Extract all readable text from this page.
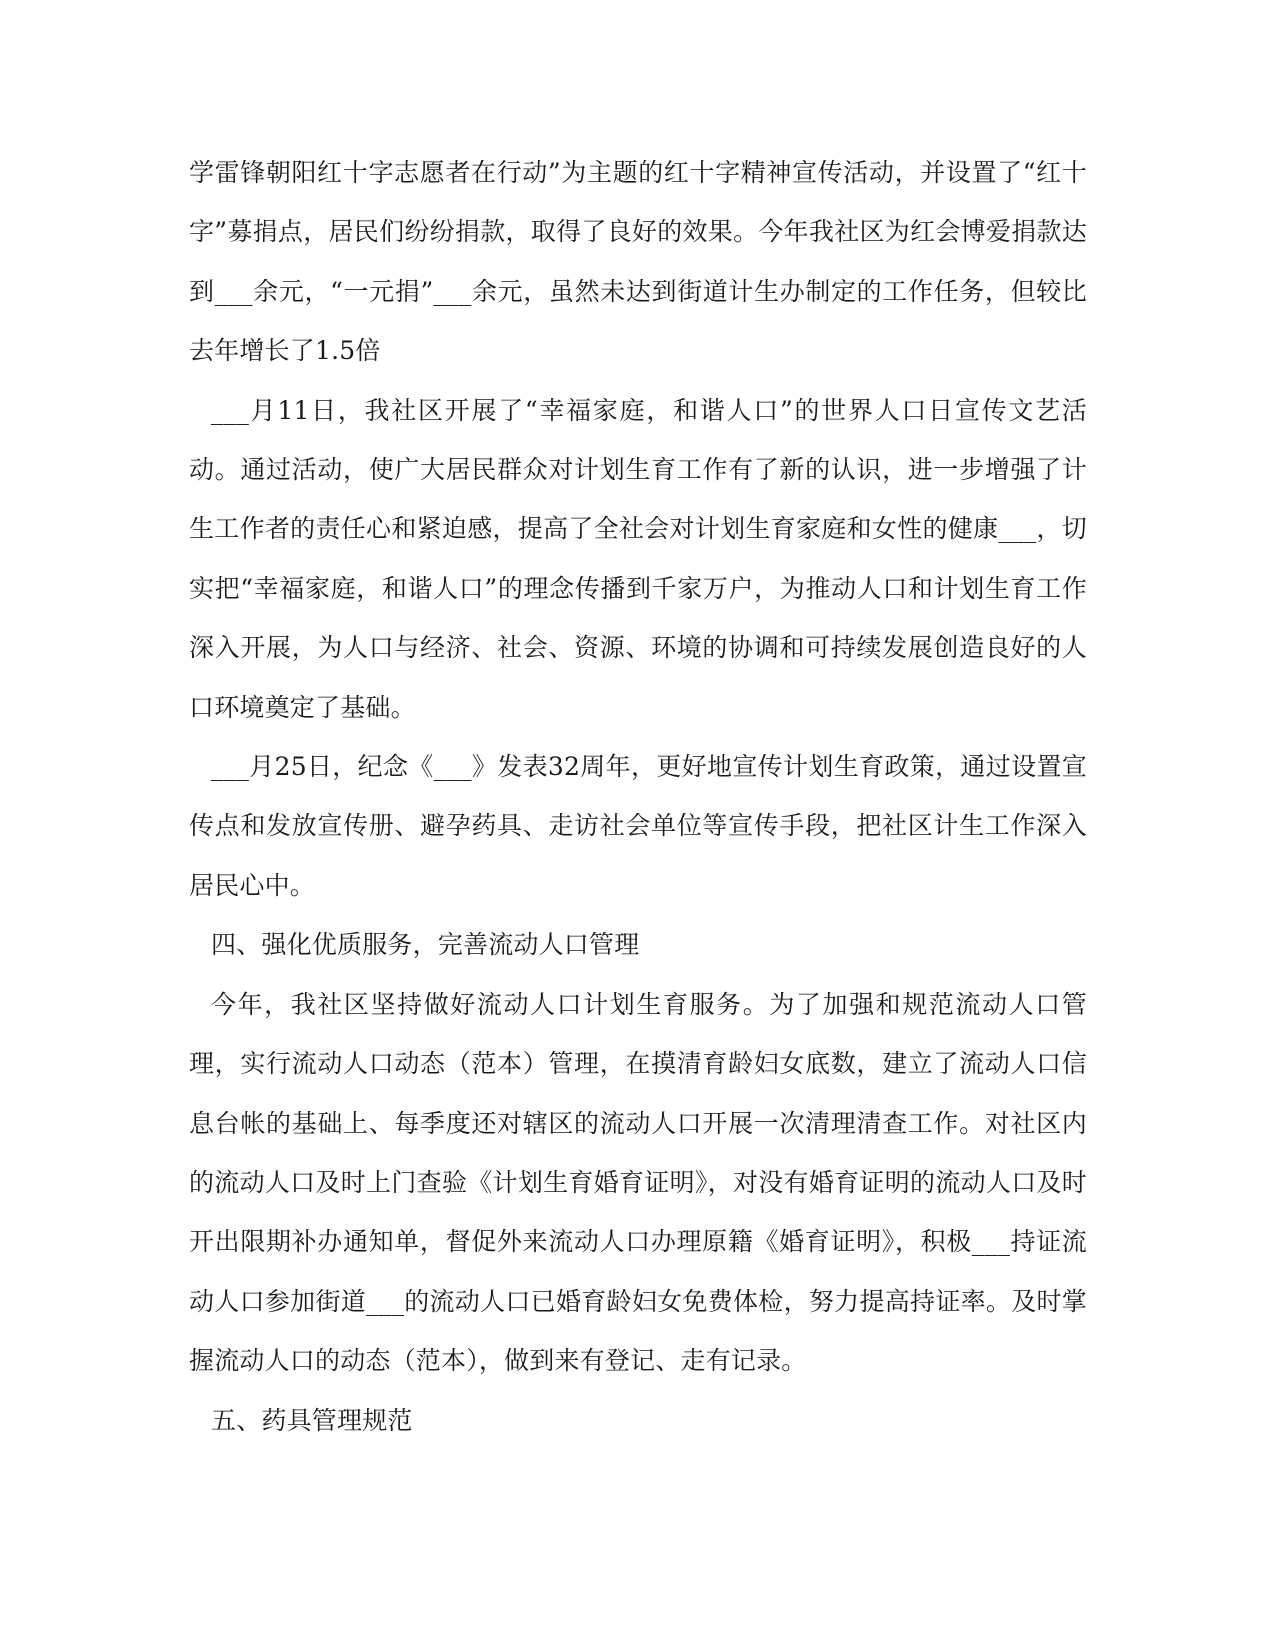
学雷锋朝阳红十字志愿者在行动”为主题的红十字精神宣传活动，并设置了“红十字”募捐点，居民们纷纷捐款，取得了良好的效果。今年我社区为红会博爱捐款达到___余元，“一元捐”___余元，虽然未达到街道计生办制定的工作任务，但较比去年增长了1.5倍

___月11日，我社区开展了“幸福家庭，和谐人口”的世界人口日宣传文艺活动。通过活动，使广大居民群众对计划生育工作有了新的认识，进一步增强了计生工作者的责任心和紧迫感，提高了全社会对计划生育家庭和女性的健康___，切实把“幸福家庭，和谐人口”的理念传播到千家万户，为推动人口和计划生育工作深入开展，为人口与经济、社会、资源、环境的协调和可持续发展创造良好的人口环境奠定了基础。

___月25日，纪念《___》发表32周年，更好地宣传计划生育政策，通过设置宣传点和发放宣传册、避孕药具、走访社会单位等宣传手段，把社区计生工作深入居民心中。

四、强化优质服务，完善流动人口管理

今年，我社区坚持做好流动人口计划生育服务。为了加强和规范流动人口管理，实行流动人口动态（范本）管理，在摸清育龄妇女底数，建立了流动人口信息台帐的基础上、每季度还对辖区的流动人口开展一次清理清查工作。对社区内的流动人口及时上门查验《计划生育婚育证明》，对没有婚育证明的流动人口及时开出限期补办通知单，督促外来流动人口办理原籍《婚育证明》，积极___持证流动人口参加街道___的流动人口已婚育龄妇女免费体检，努力提高持证率。及时掌握流动人口的动态（范本），做到来有登记、走有记录。

五、药具管理规范
